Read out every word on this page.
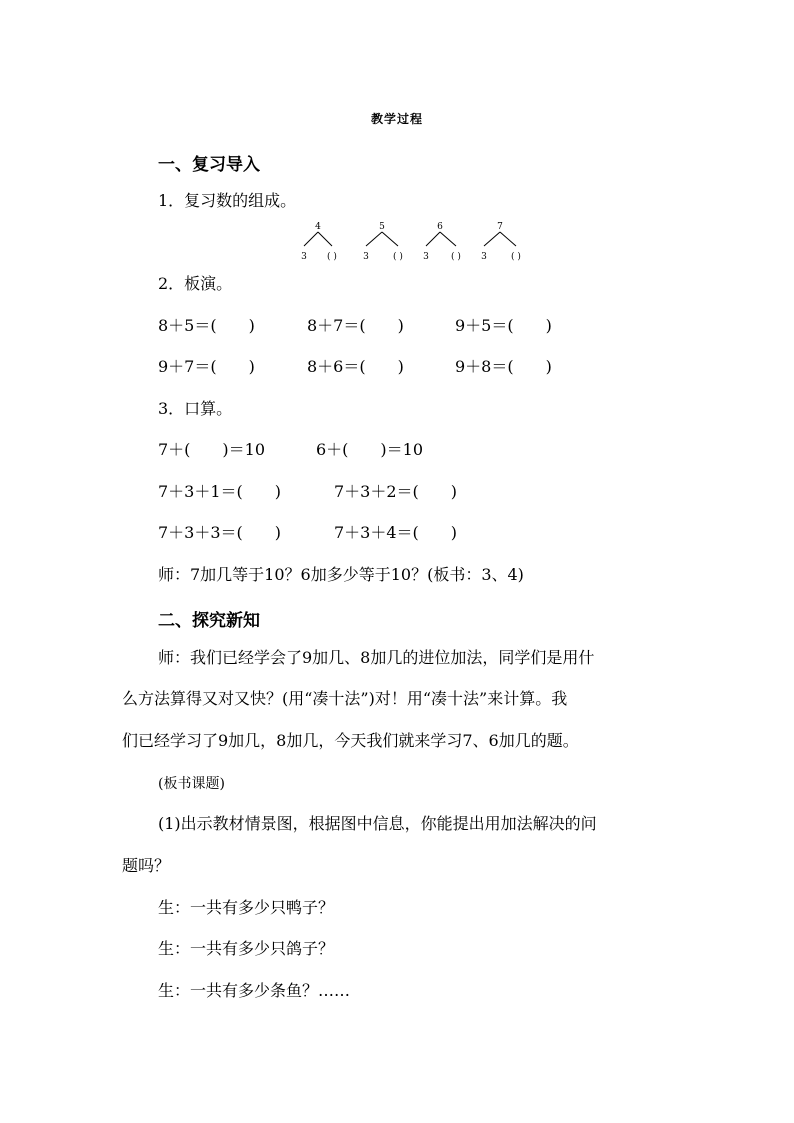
教学过程
一、复习导入
1．复习数的组成。
4
3 ( )
5
3	( )
6
3 ( )
7
3	( )
2．板演。
8＋5＝(　　)	8＋7＝(　　)	9＋5＝(　　)
9＋7＝(　　)	8＋6＝(　　)	9＋8＝(　　)
3．口算。
7＋(　　)＝10	6＋(　　)＝10
7＋3＋1＝(　　)	7＋3＋2＝(　　)
7＋3＋3＝(　　)	7＋3＋4＝(　　)
师：7加几等于10？6加多少等于10？(板书：3、4)
二、探究新知
师：我们已经学会了9加几、8加几的进位加法，同学们是用什
么方法算得又对又快？(用“凑十法”)对！用“凑十法”来计算。我
们已经学习了9加几，8加几，今天我们就来学习7、6加几的题。
(板书课题)
(1)出示教材情景图，根据图中信息，你能提出用加法解决的问
题吗？
生：一共有多少只鸭子？
生：一共有多少只鸽子？
生：一共有多少条鱼？……
